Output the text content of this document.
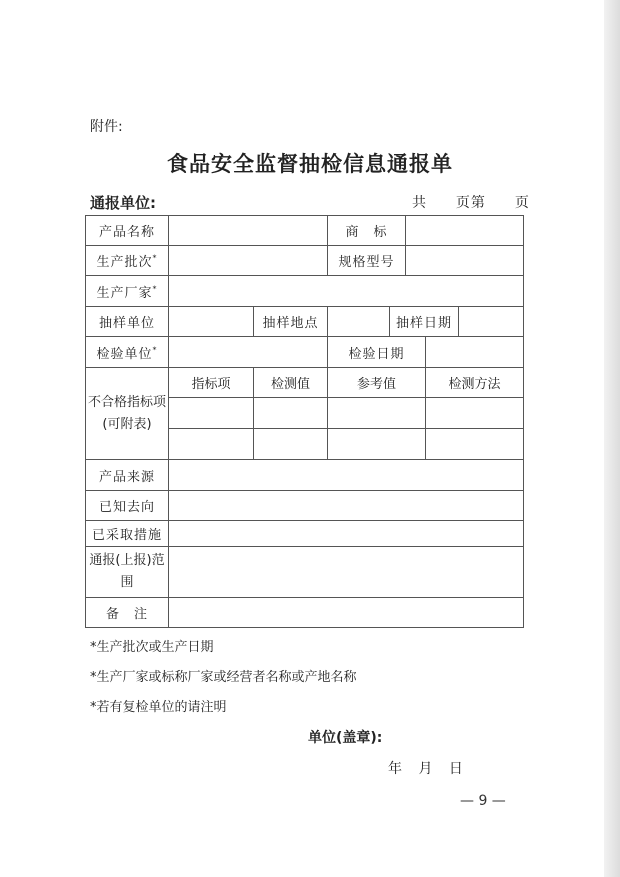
附件:
食品安全监督抽检信息通报单
通报单位:	共 页第 页
产品名称			商　标				
生产批次*			规格型号				
生产厂家*	
抽样单位		抽样地点		抽样日期			
检验单位*			检验日期				
不合格指标项(可附表)	指标项	检测值	参考值			检测方法	

产品来源							
已知去向							
已采取措施							
通报(上报)范围							
备　注							
*生产批次或生产日期
*生产厂家或标称厂家或经营者名称或产地名称
*若有复检单位的请注明
单位(盖章):
年 月 日
— 9 —
